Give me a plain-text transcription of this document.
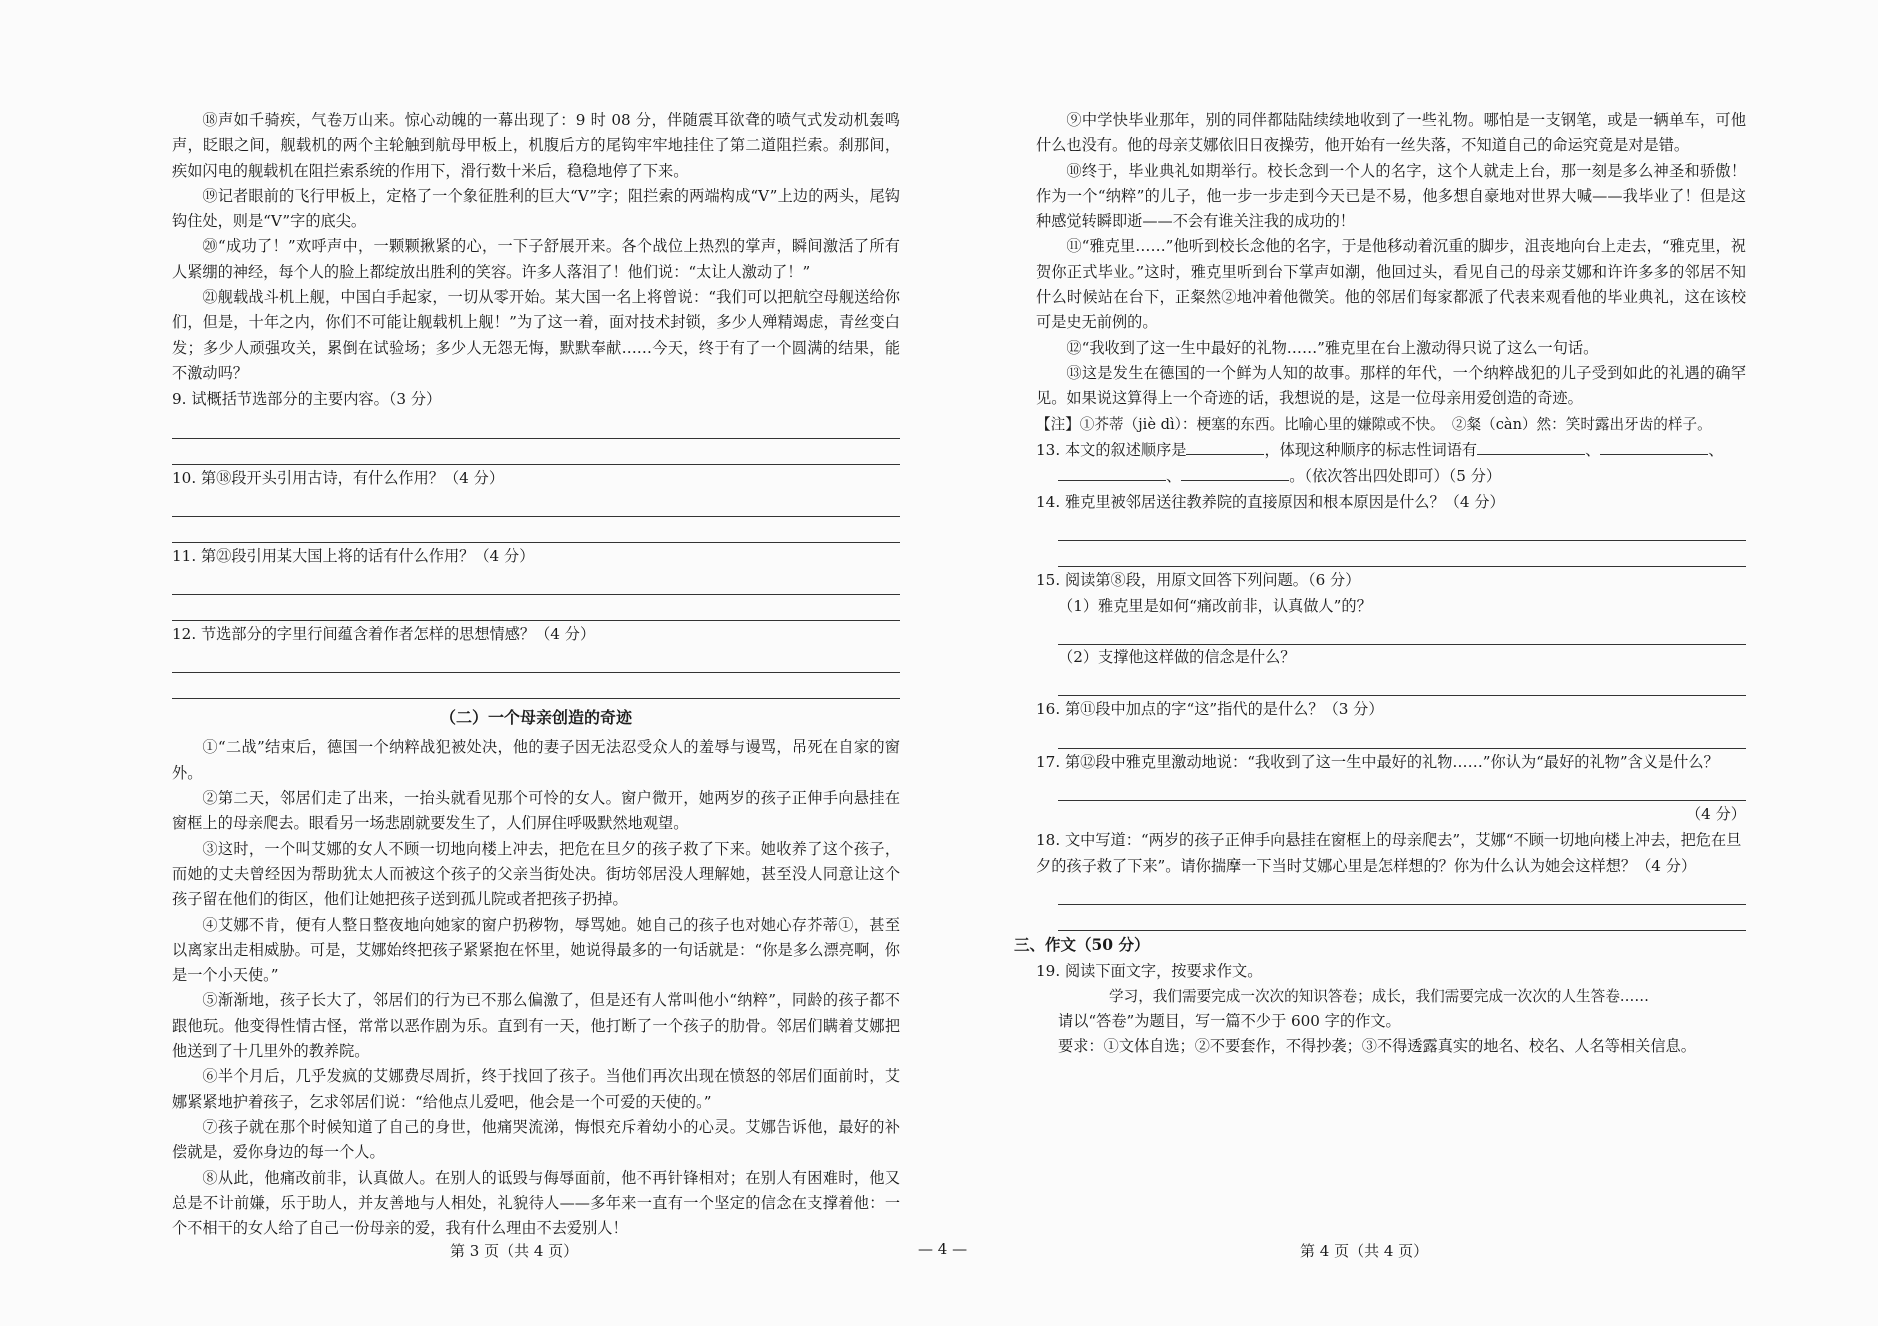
⑱声如千骑疾，气卷万山来。惊心动魄的一幕出现了：9 时 08 分，伴随震耳欲聋的喷气式发动机轰鸣声，眨眼之间，舰载机的两个主轮触到航母甲板上，机腹后方的尾钩牢牢地挂住了第二道阻拦索。刹那间，疾如闪电的舰载机在阻拦索系统的作用下，滑行数十米后，稳稳地停了下来。

⑲记者眼前的飞行甲板上，定格了一个象征胜利的巨大“V”字；阻拦索的两端构成“V”上边的两头，尾钩钩住处，则是“V”字的底尖。

⑳“成功了！”欢呼声中，一颗颗揪紧的心，一下子舒展开来。各个战位上热烈的掌声，瞬间激活了所有人紧绷的神经，每个人的脸上都绽放出胜利的笑容。许多人落泪了！他们说：“太让人激动了！”

㉑舰载战斗机上舰，中国白手起家，一切从零开始。某大国一名上将曾说：“我们可以把航空母舰送给你们，但是，十年之内，你们不可能让舰载机上舰！”为了这一着，面对技术封锁，多少人殚精竭虑，青丝变白发；多少人顽强攻关，累倒在试验场；多少人无怨无悔，默默奉献……今天，终于有了一个圆满的结果，能不激动吗？

9. 试概括节选部分的主要内容。（3 分）

10. 第⑱段开头引用古诗，有什么作用？（4 分）

11. 第㉑段引用某大国上将的话有什么作用？（4 分）

12. 节选部分的字里行间蕴含着作者怎样的思想情感？（4 分）

（二）一个母亲创造的奇迹

①“二战”结束后，德国一个纳粹战犯被处决，他的妻子因无法忍受众人的羞辱与谩骂，吊死在自家的窗外。

②第二天，邻居们走了出来，一抬头就看见那个可怜的女人。窗户微开，她两岁的孩子正伸手向悬挂在窗框上的母亲爬去。眼看另一场悲剧就要发生了，人们屏住呼吸默然地观望。

③这时，一个叫艾娜的女人不顾一切地向楼上冲去，把危在旦夕的孩子救了下来。她收养了这个孩子，而她的丈夫曾经因为帮助犹太人而被这个孩子的父亲当街处决。街坊邻居没人理解她，甚至没人同意让这个孩子留在他们的街区，他们让她把孩子送到孤儿院或者把孩子扔掉。

④艾娜不肯，便有人整日整夜地向她家的窗户扔秽物，辱骂她。她自己的孩子也对她心存芥蒂①，甚至以离家出走相威胁。可是，艾娜始终把孩子紧紧抱在怀里，她说得最多的一句话就是：“你是多么漂亮啊，你是一个小天使。”

⑤渐渐地，孩子长大了，邻居们的行为已不那么偏激了，但是还有人常叫他小“纳粹”，同龄的孩子都不跟他玩。他变得性情古怪，常常以恶作剧为乐。直到有一天，他打断了一个孩子的肋骨。邻居们瞒着艾娜把他送到了十几里外的教养院。

⑥半个月后，几乎发疯的艾娜费尽周折，终于找回了孩子。当他们再次出现在愤怒的邻居们面前时，艾娜紧紧地护着孩子，乞求邻居们说：“给他点儿爱吧，他会是一个可爱的天使的。”

⑦孩子就在那个时候知道了自己的身世，他痛哭流涕，悔恨充斥着幼小的心灵。艾娜告诉他，最好的补偿就是，爱你身边的每一个人。

⑧从此，他痛改前非，认真做人。在别人的诋毁与侮辱面前，他不再针锋相对；在别人有困难时，他又总是不计前嫌，乐于助人，并友善地与人相处，礼貌待人——多年来一直有一个坚定的信念在支撑着他：一个不相干的女人给了自己一份母亲的爱，我有什么理由不去爱别人！

第 3 页（共 4 页）	— 4 —	第 4 页（共 4 页）

⑨中学快毕业那年，别的同伴都陆陆续续地收到了一些礼物。哪怕是一支钢笔，或是一辆单车，可他什么也没有。他的母亲艾娜依旧日夜操劳，他开始有一丝失落，不知道自己的命运究竟是对是错。

⑩终于，毕业典礼如期举行。校长念到一个人的名字，这个人就走上台，那一刻是多么神圣和骄傲！作为一个“纳粹”的儿子，他一步一步走到今天已是不易，他多想自豪地对世界大喊——我毕业了！但是这种感觉转瞬即逝——不会有谁关注我的成功的！

⑪“雅克里……”他听到校长念他的名字，于是他移动着沉重的脚步，沮丧地向台上走去，“雅克里，祝贺你正式毕业。”这时，雅克里听到台下掌声如潮，他回过头，看见自己的母亲艾娜和许许多多的邻居不知什么时候站在台下，正粲然②地冲着他微笑。他的邻居们每家都派了代表来观看他的毕业典礼，这在该校可是史无前例的。

⑫“我收到了这一生中最好的礼物……”雅克里在台上激动得只说了这么一句话。

⑬这是发生在德国的一个鲜为人知的故事。那样的年代，一个纳粹战犯的儿子受到如此的礼遇的确罕见。如果说这算得上一个奇迹的话，我想说的是，这是一位母亲用爱创造的奇迹。

【注】①芥蒂（jiè dì）：梗塞的东西。比喻心里的嫌隙或不快。　②粲（càn）然：笑时露出牙齿的样子。

13. 本文的叙述顺序是	，体现这种顺序的标志性词语有	、	、

、	。（依次答出四处即可）（5 分）

14. 雅克里被邻居送往教养院的直接原因和根本原因是什么？（4 分）

15. 阅读第⑧段，用原文回答下列问题。（6 分）

（1）雅克里是如何“痛改前非，认真做人”的？

（2）支撑他这样做的信念是什么？

16. 第⑪段中加点的字“这”指代的是什么？（3 分）

17. 第⑫段中雅克里激动地说：“我收到了这一生中最好的礼物……”你认为“最好的礼物”含义是什么？

（4 分）

18. 文中写道：“两岁的孩子正伸手向悬挂在窗框上的母亲爬去”，艾娜“不顾一切地向楼上冲去，把危在旦夕的孩子救了下来”。请你揣摩一下当时艾娜心里是怎样想的？你为什么认为她会这样想？（4 分）

三、作文（50 分）

19. 阅读下面文字，按要求作文。

学习，我们需要完成一次次的知识答卷；成长，我们需要完成一次次的人生答卷……

请以“答卷”为题目，写一篇不少于 600 字的作文。

要求：①文体自选；②不要套作，不得抄袭；③不得透露真实的地名、校名、人名等相关信息。
